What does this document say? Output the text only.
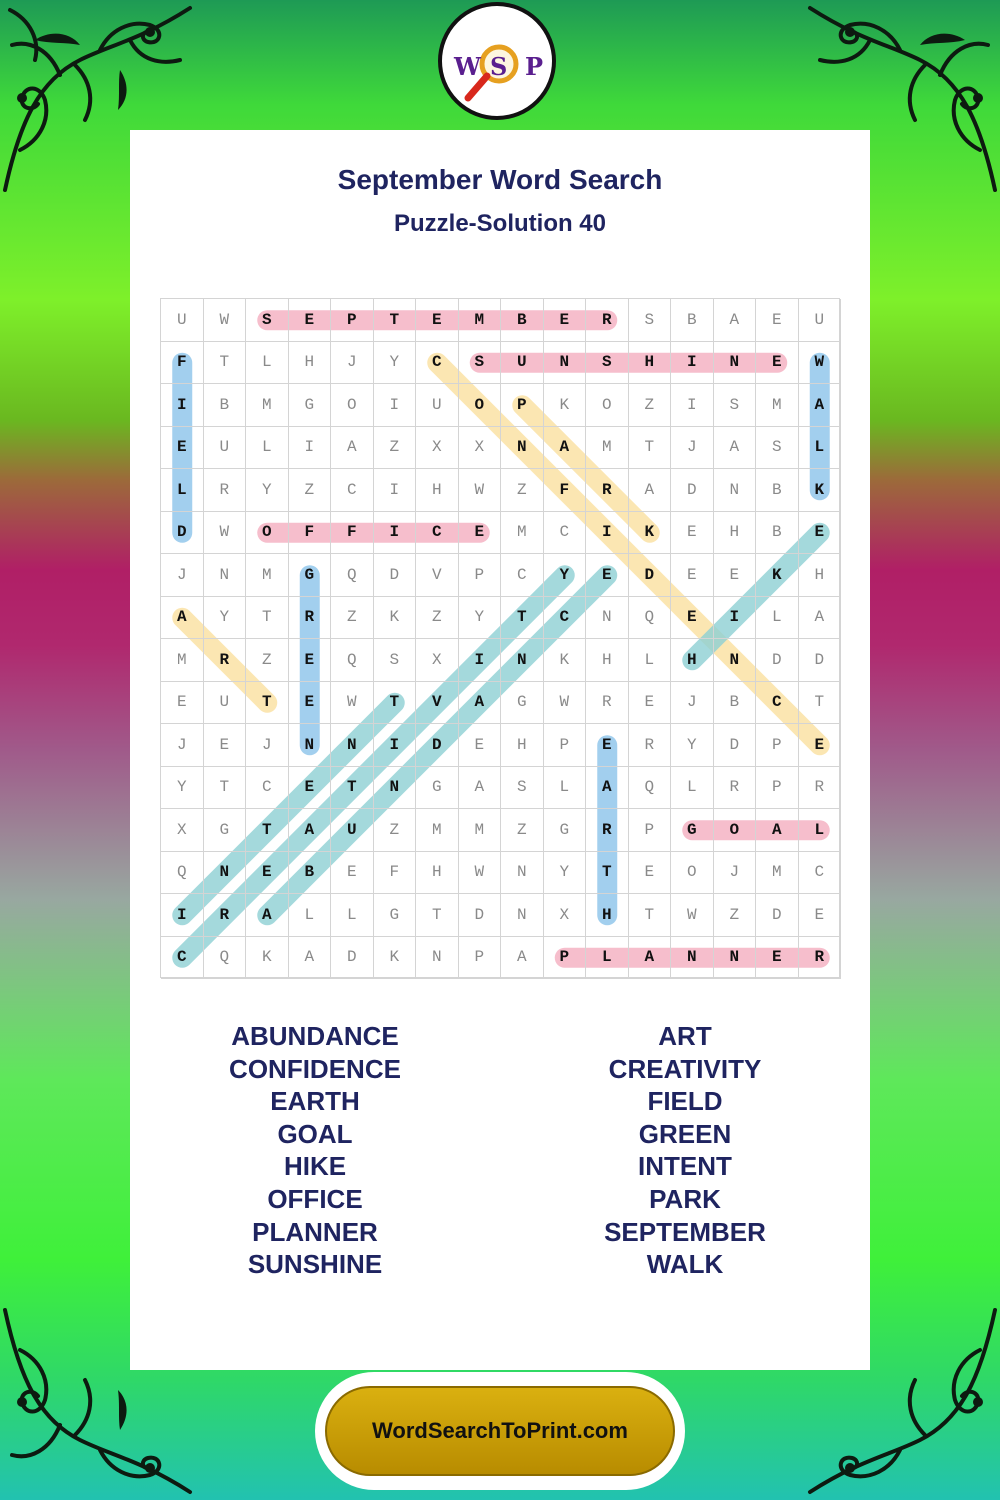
W S P
September Word Search
Puzzle-Solution 40
U	W	S	E	P	T	E	M	B	E	R	S	B	A	E	U
F	T	L	H	J	Y	C	S	U	N	S	H	I	N	E	W
I	B	M	G	O	I	U	O	P	K	O	Z	I	S	M	A
E	U	L	I	A	Z	X	X	N	A	M	T	J	A	S	L
L	R	Y	Z	C	I	H	W	Z	F	R	A	D	N	B	K
D	W	O	F	F	I	C	E	M	C	I	K	E	H	B	E
J	N	M	G	Q	D	V	P	C	Y	E	D	E	E	K	H
A	Y	T	R	Z	K	Z	Y	T	C	N	Q	E	I	L	A
M	R	Z	E	Q	S	X	I	N	K	H	L	H	N	D	D
E	U	T	E	W	T	V	A	G	W	R	E	J	B	C	T
J	E	J	N	N	I	D	E	H	P	E	R	Y	D	P	E
Y	T	C	E	T	N	G	A	S	L	A	Q	L	R	P	R
X	G	T	A	U	Z	M	M	Z	G	R	P	G	O	A	L
Q	N	E	B	E	F	H	W	N	Y	T	E	O	J	M	C
I	R	A	L	L	G	T	D	N	X	H	T	W	Z	D	E
C	Q	K	A	D	K	N	P	A	P	L	A	N	N	E	R
ABUNDANCE
CONFIDENCE
EARTH
GOAL
HIKE
OFFICE
PLANNER
SUNSHINE
ART
CREATIVITY
FIELD
GREEN
INTENT
PARK
SEPTEMBER
WALK
WordSearchToPrint.com
